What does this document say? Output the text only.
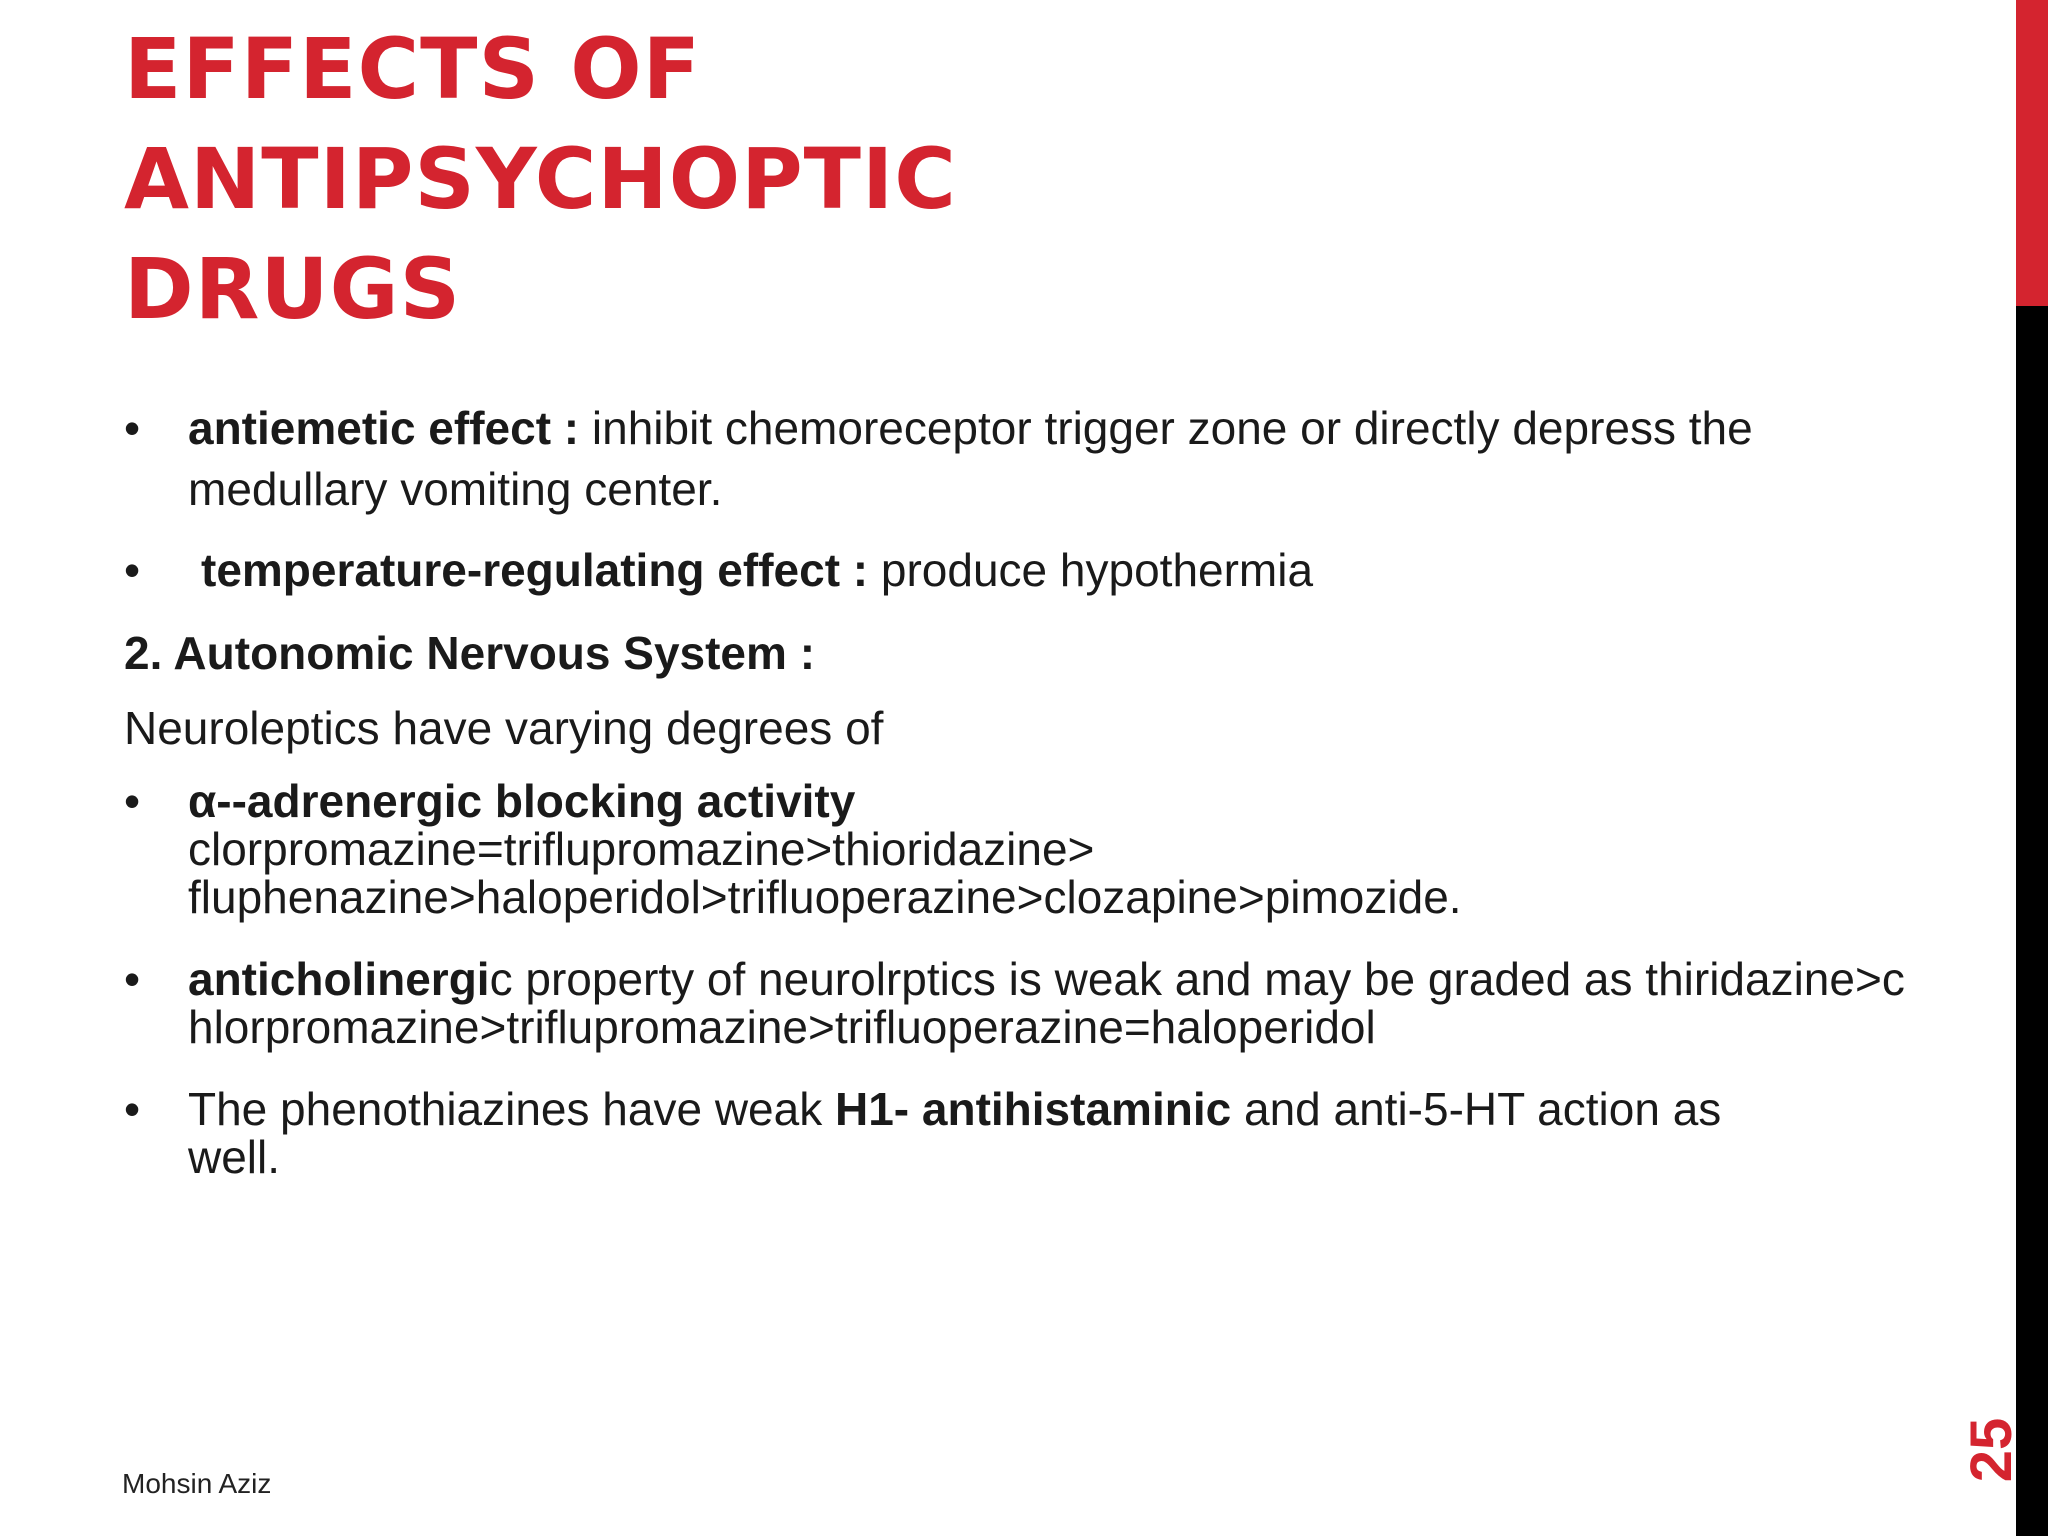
EFFECTS OF
ANTIPSYCHOPTIC
DRUGS
•
antiemetic effect : inhibit chemoreceptor trigger zone or directly depress the medullary vomiting center.
•
temperature-regulating effect : produce hypothermia
2. Autonomic Nervous System :
Neuroleptics have varying degrees of
•
α--adrenergic blocking activity
clorpromazine=triflupromazine>thioridazine>
fluphenazine>haloperidol>trifluoperazine>clozapine>pimozide.
•
anticholinergic property of neurolrptics is weak and may be graded as thiridazine>chlorpromazine>triflupromazine>trifluoperazine=haloperidol
•
The phenothiazines have weak H1- antihistaminic and anti-5-HT action as well.
Mohsin Aziz
25
